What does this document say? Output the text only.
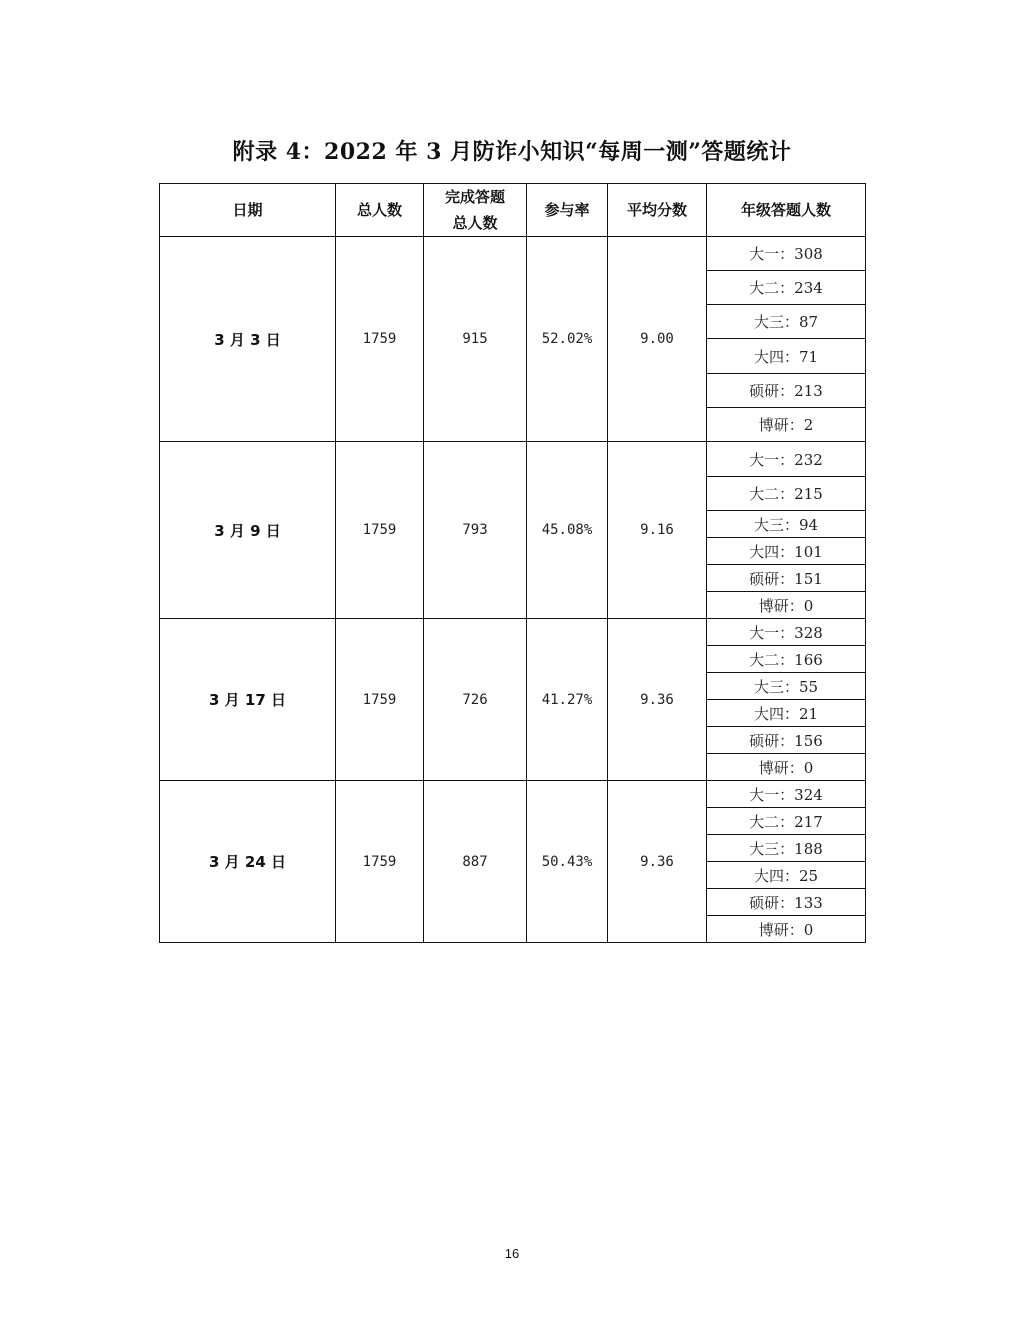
附录 4：2022 年 3 月防诈小知识“每周一测”答题统计
日期	总人数	完成答题总人数	参与率	平均分数	年级答题人数
3 月 3 日	1759	915	52.02%	9.00	大一：308
					大二：234
					大三：87
					大四：71
					硕研：213
					博研：2
3 月 9 日	1759	793	45.08%	9.16	大一：232
					大二：215
					大三：94
					大四：101
					硕研：151
					博研：0
3 月 17 日	1759	726	41.27%	9.36	大一：328
					大二：166
					大三：55
					大四：21
					硕研：156
					博研：0
3 月 24 日	1759	887	50.43%	9.36	大一：324
					大二：217
					大三：188
					大四：25
					硕研：133
					博研：0
16
